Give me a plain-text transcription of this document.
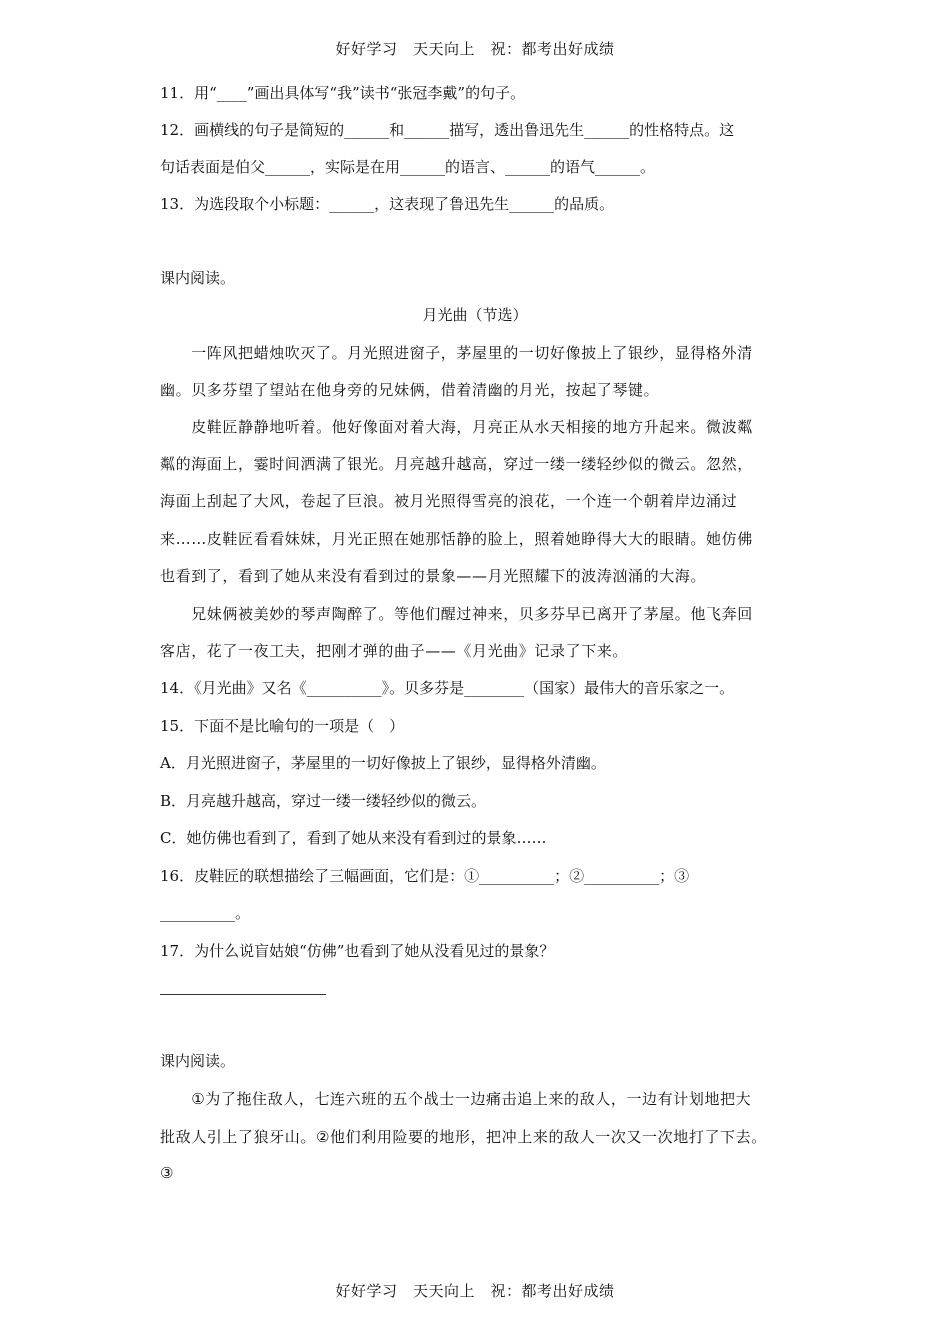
好好学习　天天向上　祝：都考出好成绩
11．用“____”画出具体写“我”读书“张冠李戴”的句子。
12．画横线的句子是简短的______和______描写，透出鲁迅先生______的性格特点。这
句话表面是伯父______，实际是在用______的语言、______的语气______。
13．为选段取个小标题：______，这表现了鲁迅先生______的品质。
课内阅读。
月光曲（节选）
　　一阵风把蜡烛吹灭了。月光照进窗子，茅屋里的一切好像披上了银纱，显得格外清
幽。贝多芬望了望站在他身旁的兄妹俩，借着清幽的月光，按起了琴键。
　　皮鞋匠静静地听着。他好像面对着大海，月亮正从水天相接的地方升起来。微波粼
粼的海面上，霎时间洒满了银光。月亮越升越高，穿过一缕一缕轻纱似的微云。忽然，
海面上刮起了大风，卷起了巨浪。被月光照得雪亮的浪花，一个连一个朝着岸边涌过
来……皮鞋匠看看妹妹，月光正照在她那恬静的脸上，照着她睁得大大的眼睛。她仿佛
也看到了，看到了她从来没有看到过的景象——月光照耀下的波涛汹涌的大海。
　　兄妹俩被美妙的琴声陶醉了。等他们醒过神来，贝多芬早已离开了茅屋。他飞奔回
客店，花了一夜工夫，把刚才弹的曲子——《月光曲》记录了下来。
14．《月光曲》又名《__________》。贝多芬是________（国家）最伟大的音乐家之一。
15．下面不是比喻句的一项是（　）
A．月光照进窗子，茅屋里的一切好像披上了银纱，显得格外清幽。
B．月亮越升越高，穿过一缕一缕轻纱似的微云。
C．她仿佛也看到了，看到了她从来没有看到过的景象……
16．皮鞋匠的联想描绘了三幅画面，它们是：①__________；②__________；③
__________。
17．为什么说盲姑娘“仿佛”也看到了她从没看见过的景象？
课内阅读。
　　①为了拖住敌人，七连六班的五个战士一边痛击追上来的敌人，一边有计划地把大
批敌人引上了狼牙山。②他们利用险要的地形，把冲上来的敌人一次又一次地打了下去。
③
好好学习　天天向上　祝：都考出好成绩
